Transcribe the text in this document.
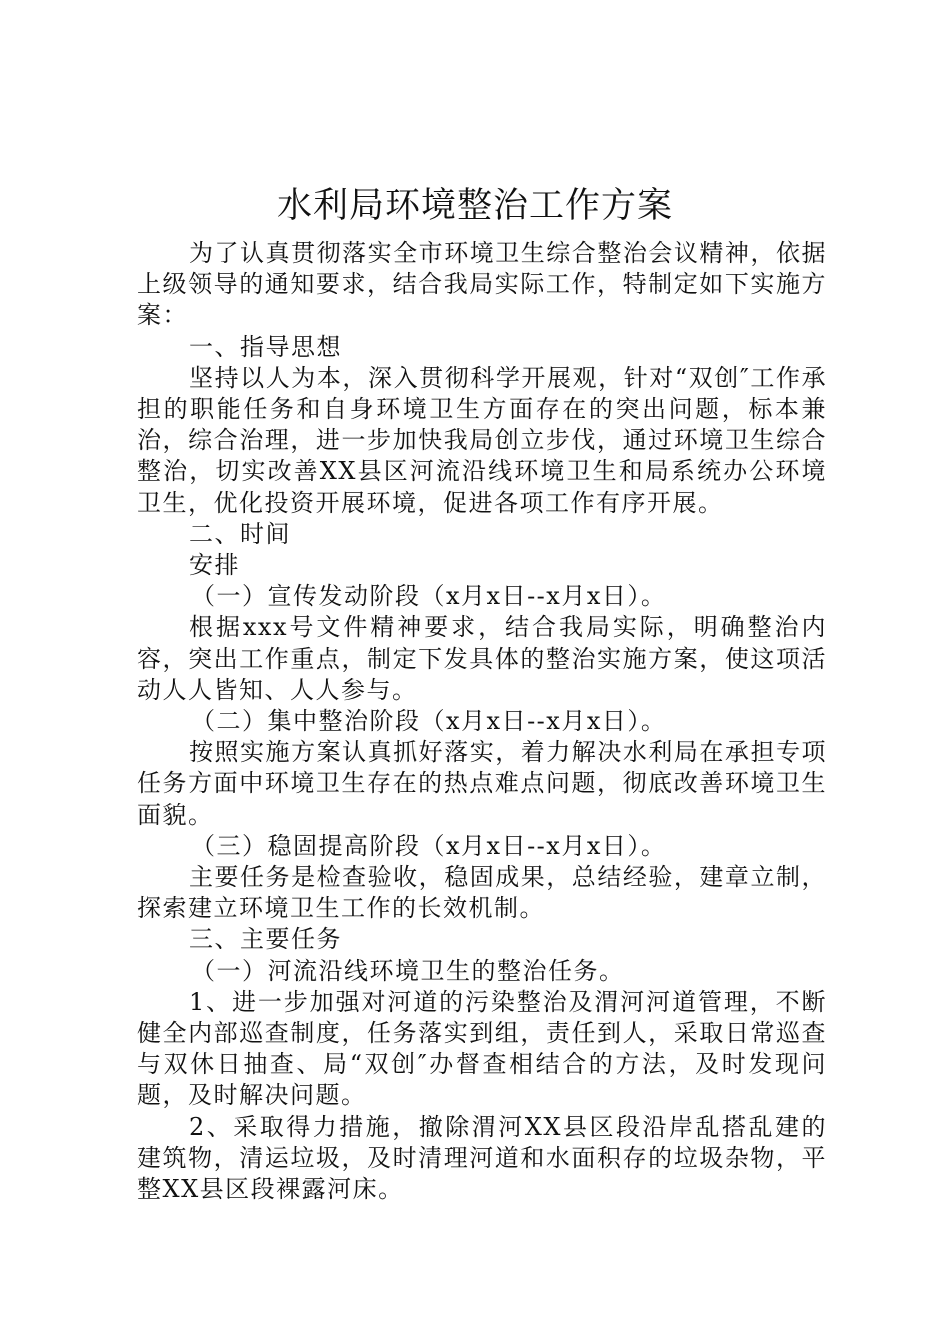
水利局环境整治工作方案

为了认真贯彻落实全市环境卫生综合整治会议精神，依据上级领导的通知要求，结合我局实际工作，特制定如下实施方案：

一、指导思想

坚持以人为本，深入贯彻科学开展观，针对“双创″工作承担的职能任务和自身环境卫生方面存在的突出问题，标本兼治，综合治理，进一步加快我局创立步伐，通过环境卫生综合整治，切实改善XX县区河流沿线环境卫生和局系统办公环境卫生，优化投资开展环境，促进各项工作有序开展。

二、时间

安排

（一）宣传发动阶段（x月x日--x月x日）。

根据xxx号文件精神要求，结合我局实际，明确整治内容，突出工作重点，制定下发具体的整治实施方案，使这项活动人人皆知、人人参与。

（二）集中整治阶段（x月x日--x月x日）。

按照实施方案认真抓好落实，着力解决水利局在承担专项任务方面中环境卫生存在的热点难点问题，彻底改善环境卫生面貌。

（三）稳固提高阶段（x月x日--x月x日）。

主要任务是检查验收，稳固成果，总结经验，建章立制，探索建立环境卫生工作的长效机制。

三、主要任务

（一）河流沿线环境卫生的整治任务。

1、进一步加强对河道的污染整治及渭河河道管理，不断健全内部巡查制度，任务落实到组，责任到人，采取日常巡查与双休日抽查、局“双创″办督查相结合的方法，及时发现问题，及时解决问题。

2、采取得力措施，撤除渭河XX县区段沿岸乱搭乱建的建筑物，清运垃圾，及时清理河道和水面积存的垃圾杂物，平整XX县区段裸露河床。
